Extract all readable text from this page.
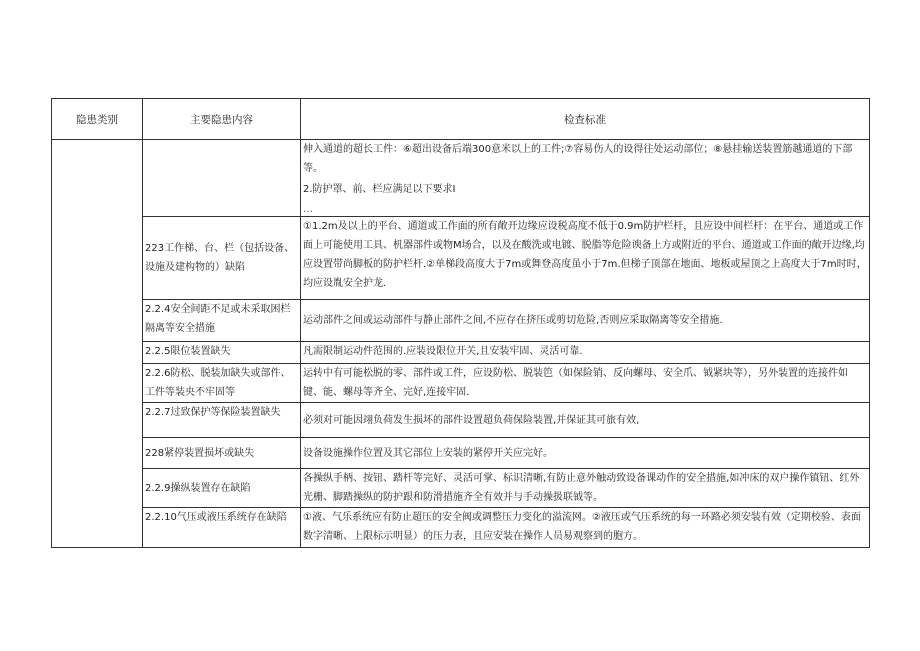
隐患类别	主要隐患内容	检查标准

		伸入通道的超长工件：⑥超出设备后端300意米以上的工件;⑦容易伤人的设得往处运动部位；⑧悬挂输送装置筋越通道的下部等。

2.防护罩、前、栏应满足以下要求I

…

	223工作梯、台、栏（包括设备、设施及建构物的）缺陷	①1.2m及以上的平台、通道或工作面的所有敞开边缘应设税高度不低于0.9m防护栏杆，且应设中间栏杆：在平台、通道或工作面上可能使用工具、机器部件或物M场合，以及在酸洗或电镀、脱脂等危险谀备上方或附近的平台、通道或工作面的敞开边缘,均应设置带尚脚板的防护栏杆.②单梯段高度大于7m或舞登高度虽小于7m.但梯子顶部在地面、地板或屋顶之上高度大于7m时时，均应设胤安全护龙.
	2.2.4安全间距不足或未采取困栏隔离等安全措施	运动部件之间或运动部件与静止部件之间,不应存在挤压或剪切危险,否则应采取隔离等安全措施.
	2.2.5限位装置缺失	凡需限制运动件范围的.应装设限位开关,且安装牢固、灵活可靠.
	2.2.6防松、脱装加缺失或部件、工件等装央不牢固等	运转中有可能松脱的零、部件或工件，应设防松、脱装笆（如保险销、反向螺母、安全爪、钺紧块等），另外装置的连接件如键、能、螺母等齐全、完好,连接牢固.
	2.2.7过致保护等保险装置缺失	必须对可能因翊负荷发生损坏的部件设置超负荷保险装置,并保证其可旅有效,
	228紧停装置损坏或缺失	设备设施操作位置及其它部位上安装的紧停开关应完好。
	2.2.9操纵装置存在缺陷	各操纵手柄、按钮、踏杆等完好、灵活可掌、标识清晰,有防止意外触动致设备课动作的安全措施,如冲床的双户操作镇钮、红外光栅、脚踏操纵的防护跟和防滑措施齐全有效并与手动操扱联钺等。
	2.2.10气压或液压系统存在缺陪	①液、气乐系统应有防止超压的安全阀或调整压力变化的溢流网。②液压或气压系统的每一环路必须安装有效（定期校验、表面数字清晰、上限标示明显）的压力表，且应安装在操作人员易观察到的胞方。
